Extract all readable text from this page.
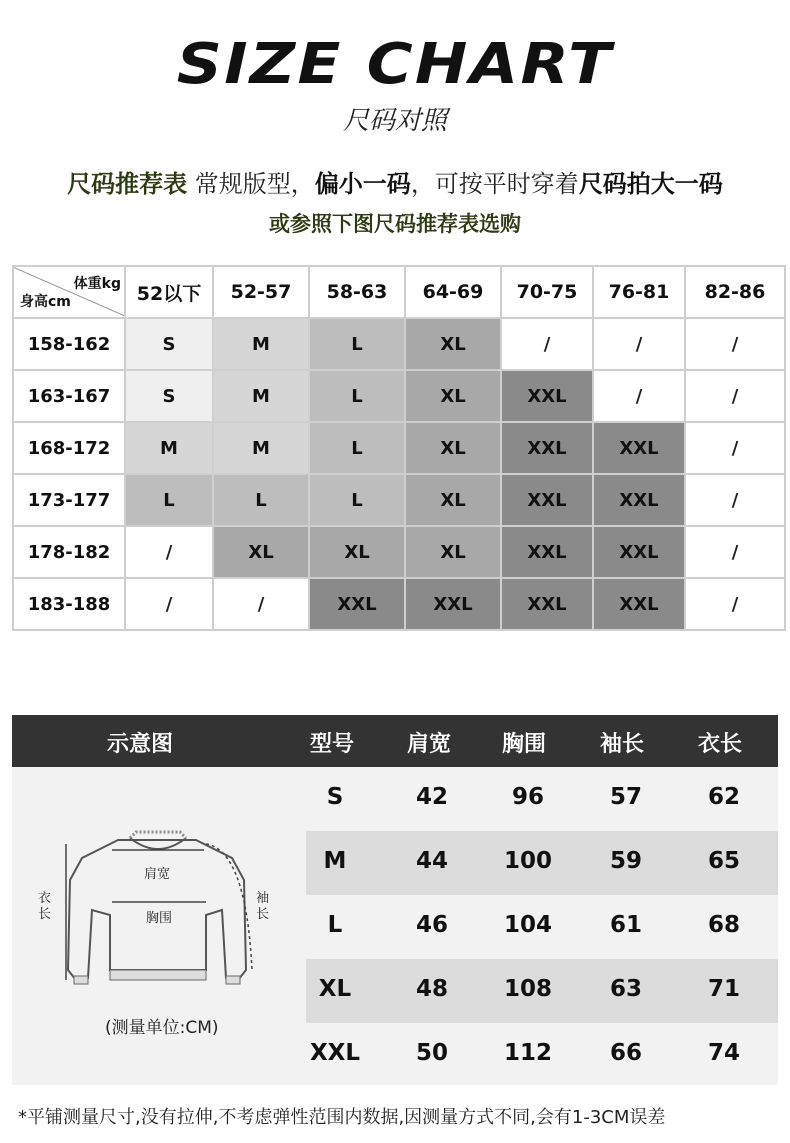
SIZE CHART
尺码对照
尺码推荐表 常规版型，偏小一码，可按平时穿着尺码拍大一码
或参照下图尺码推荐表选购
体重kg
身高cm	52以下	52-57	58-63	64-69	70-75	76-81	82-86
158-162	S	M	L	XL	/	/	/
163-167	S	M	L	XL	XXL	/	/
168-172	M	M	L	XL	XXL	XXL	/
173-177	L	L	L	XL	XXL	XXL	/
178-182	/	XL	XL	XL	XXL	XXL	/
183-188	/	/	XXL	XXL	XXL	XXL	/
示意图	型号 肩宽 胸围 袖长 衣长
S	42	96	57	62
M	44 100	59	65
L	46 104	61	68
XL	48 108	63	71
XXL 50 112	66	74
肩宽
胸围
衣
长
袖
长
(测量单位:CM)
*平铺测量尺寸,没有拉伸,不考虑弹性范围内数据,因测量方式不同,会有1-3CM误差
